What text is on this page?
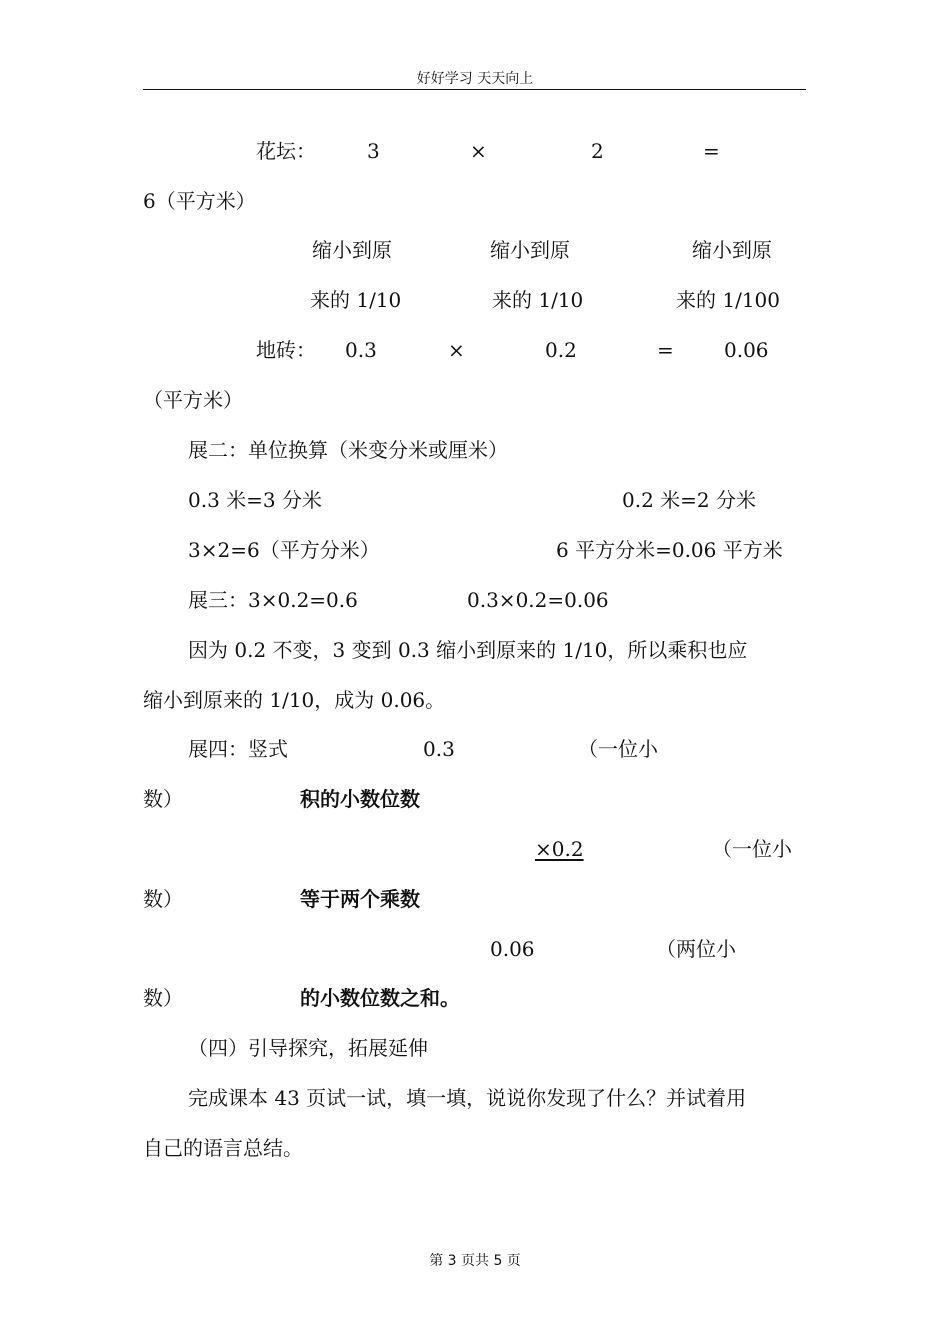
好好学习 天天向上
花坛：	3	×	2	=
6（平方米）
缩小到原	缩小到原	缩小到原
来的 1/10	来的 1/10	来的 1/100
地砖： 0.3	×	0.2	=	0.06
（平方米）
展二：单位换算（米变分米或厘米）
0.3 米=3 分米	0.2 米=2 分米
3×2=6（平方分米）	6 平方分米=0.06 平方米
展三：3×0.2=0.6	0.3×0.2=0.06
因为 0.2 不变，3 变到 0.3 缩小到原来的 1/10，所以乘积也应
缩小到原来的 1/10，成为 0.06。
展四：竖式	0.3	（一位小
数）	积的小数位数
×0.2	（一位小
数）	等于两个乘数
0.06	（两位小
数）	的小数位数之和。
（四）引导探究，拓展延伸
完成课本 43 页试一试，填一填，说说你发现了什么？并试着用
自己的语言总结。
第 3 页共 5 页
